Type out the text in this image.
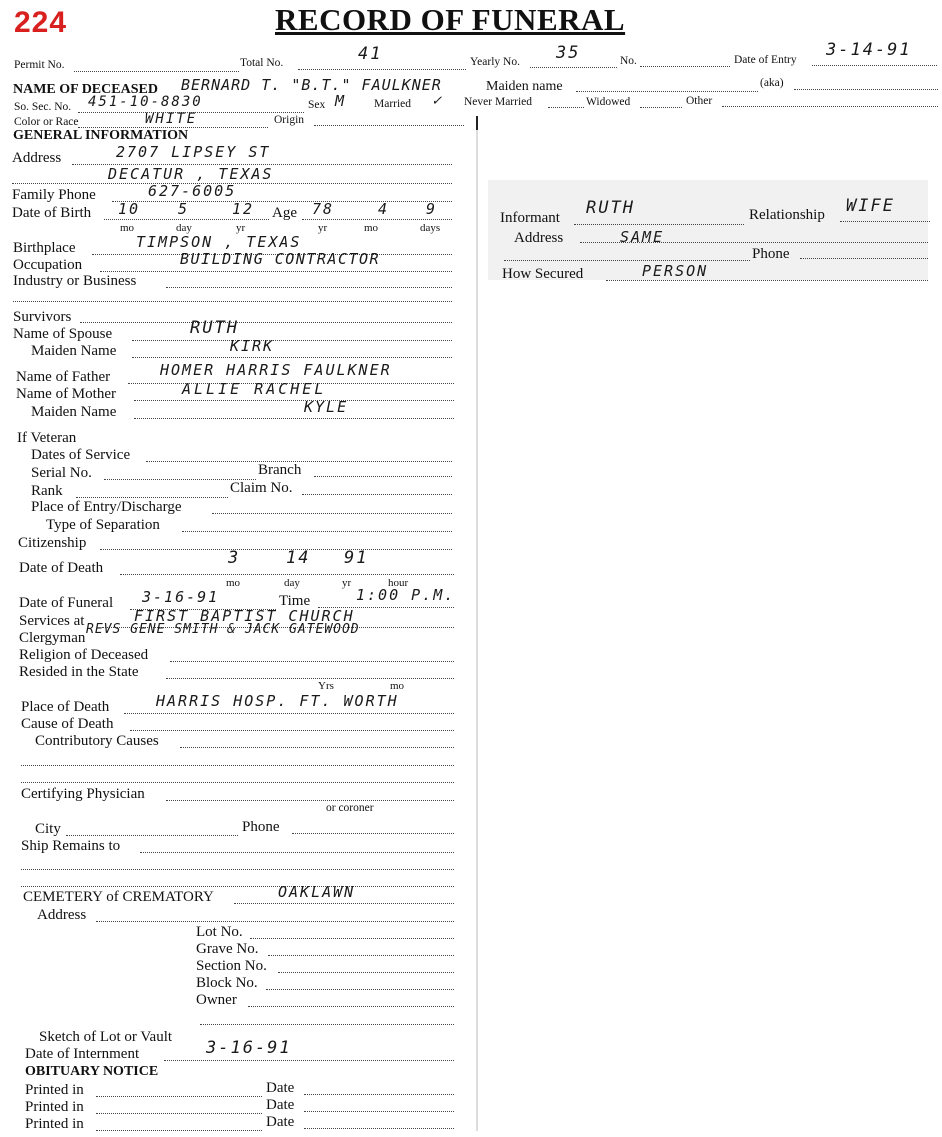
224	RECORD OF FUNERAL
Permit No.	Total No.	41	Yearly No. 35	No.	Date of Entry 3-14-91
NAME OF DECEASED BERNARD T. "B.T." FAULKNER	Maiden name	(aka)
So. Sec. No. 451-10-8830	Sex M Married ✓ Never Married	Widowed	Other
Color or Race	WHITE	Origin
GENERAL INFORMATION
Address	2707 LIPSEY ST
DECATUR , TEXAS
Family Phone	627-6005
Date of Birth 10	5	12 Age 78	4 9
mo	day	yr	yr	mo	days
Birthplace	TIMPSON , TEXAS
Occupation	BUILDING CONTRACTOR
Industry or Business
Survivors
Name of Spouse	RUTH
Maiden Name	KIRK
Name of Father	HOMER HARRIS FAULKNER
Name of Mother	ALLIE RACHEL
Maiden Name	KYLE
If Veteran
Dates of Service
Serial No.	Branch
Rank	Claim No.
Place of Entry/Discharge
Type of Separation
Citizenship
Date of Death	3	14 91
mo	day	yr	hour
Date of Funeral 3-16-91	Time	1:00 P.M.
Services at	FIRST BAPTIST CHURCH
Clergyman
REVS GENE SMITH & JACK GATEWOOD
Religion of Deceased
Resided in the State
Yrs	mo
Place of Death	HARRIS HOSP. FT. WORTH
Cause of Death
Contributory Causes
Certifying Physician
or coroner
City	Phone
Ship Remains to
CEMETERY of CREMATORY	OAKLAWN
Address
Lot No.
Grave No.
Section No.
Block No.
Owner
Sketch of Lot or Vault
Date of Internment	3-16-91
OBITUARY NOTICE
Printed in	Date
Printed in	Date
Printed in	Date
Informant RUTH	Relationship WIFE
Address	SAME
Phone
How Secured	PERSON
